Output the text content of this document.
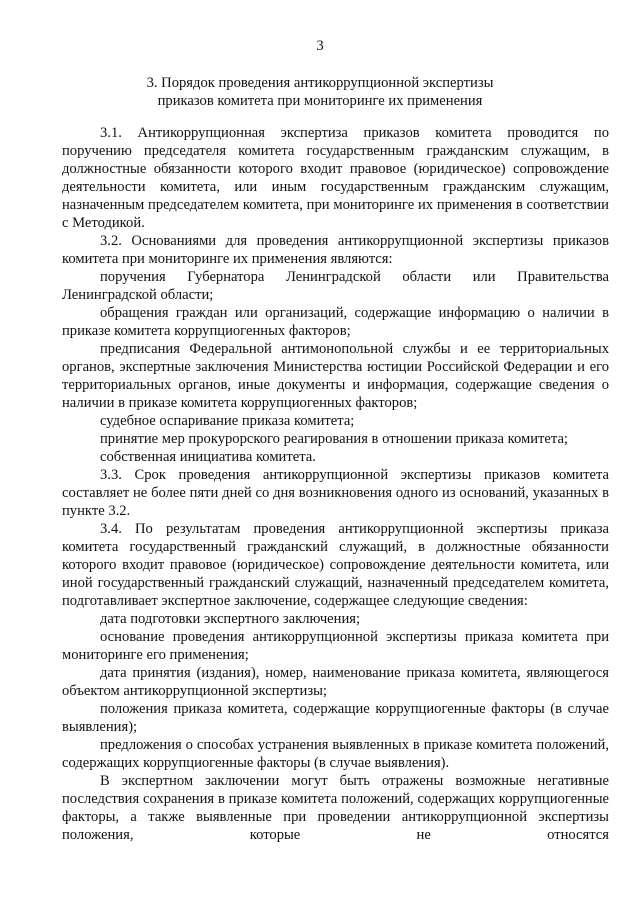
3
3. Порядок проведения антикоррупционной экспертизы
приказов комитета при мониторинге их применения

3.1. Антикоррупционная экспертиза приказов комитета проводится по поручению председателя комитета государственным гражданским служащим, в должностные обязанности которого входит правовое (юридическое) сопровождение деятельности комитета, или иным государственным гражданским служащим, назначенным председателем комитета, при мониторинге их применения в соответствии с Методикой.

3.2. Основаниями для проведения антикоррупционной экспертизы приказов комитета при мониторинге их применения являются:

поручения Губернатора Ленинградской области или Правительства Ленинградской области;

обращения граждан или организаций, содержащие информацию о наличии в приказе комитета коррупциогенных факторов;

предписания Федеральной антимонопольной службы и ее территориальных органов, экспертные заключения Министерства юстиции Российской Федерации и его территориальных органов, иные документы и информация, содержащие сведения о наличии в приказе комитета коррупциогенных факторов;

судебное оспаривание приказа комитета;

принятие мер прокурорского реагирования в отношении приказа комитета;

собственная инициатива комитета.

3.3. Срок проведения антикоррупционной экспертизы приказов комитета составляет не более пяти дней со дня возникновения одного из оснований, указанных в пункте 3.2.

3.4. По результатам проведения антикоррупционной экспертизы приказа комитета государственный гражданский служащий, в должностные обязанности которого входит правовое (юридическое) сопровождение деятельности комитета, или иной государственный гражданский служащий, назначенный председателем комитета, подготавливает экспертное заключение, содержащее следующие сведения:

дата подготовки экспертного заключения;

основание проведения антикоррупционной экспертизы приказа комитета при мониторинге его применения;

дата принятия (издания), номер, наименование приказа комитета, являющегося объектом антикоррупционной экспертизы;

положения приказа комитета, содержащие коррупциогенные факторы (в случае выявления);

предложения о способах устранения выявленных в приказе комитета положений, содержащих коррупциогенные факторы (в случае выявления).

В экспертном заключении могут быть отражены возможные негативные последствия сохранения в приказе комитета положений, содержащих коррупциогенные факторы, а также выявленные при проведении антикоррупционной экспертизы положения, которые не относятся
